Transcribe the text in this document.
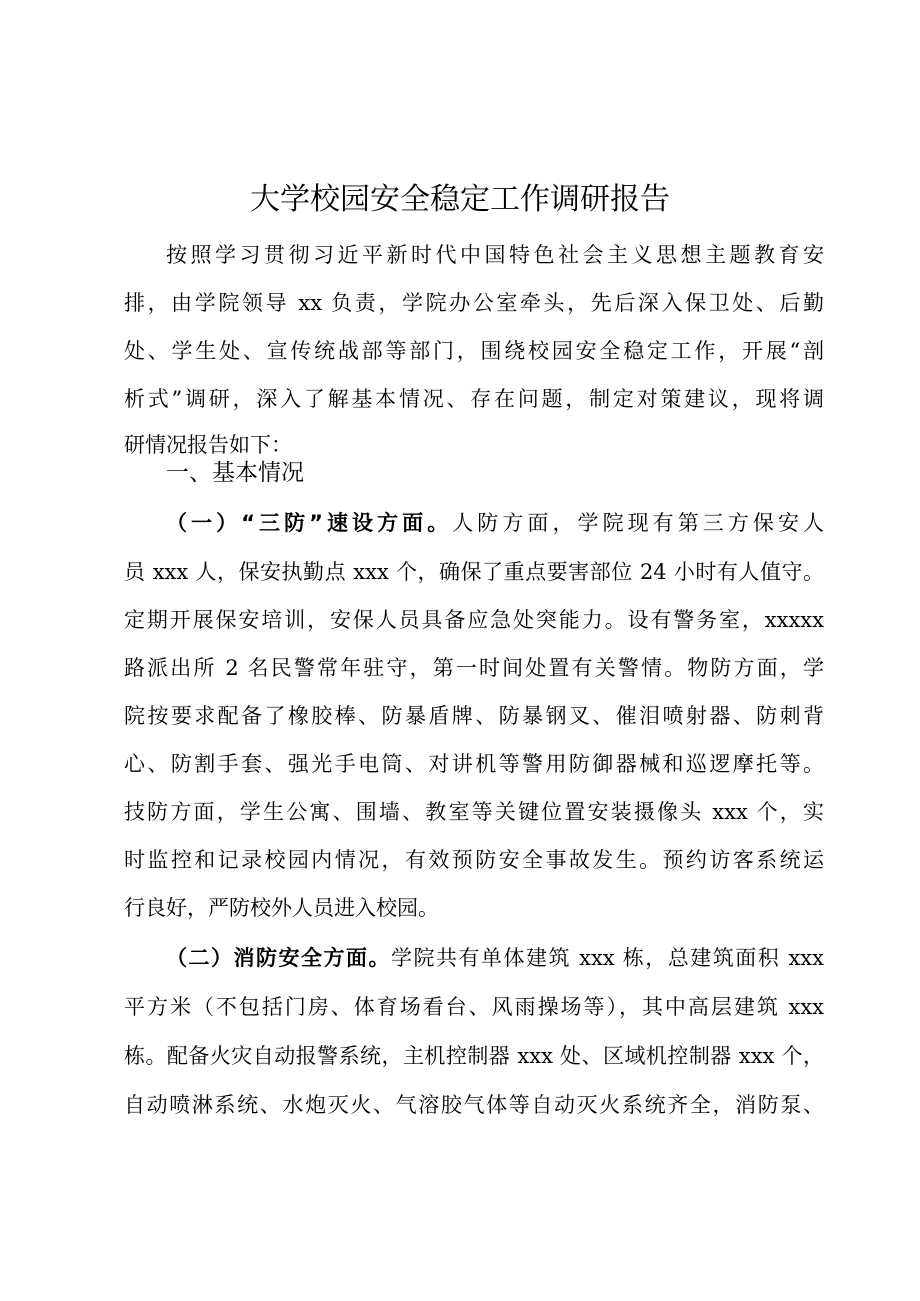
大学校园安全稳定工作调研报告
按照学习贯彻习近平新时代中国特色社会主义思想主题教育安
排，由学院领导 xx 负责，学院办公室牵头，先后深入保卫处、后勤
处、学生处、宣传统战部等部门，围绕校园安全稳定工作，开展“剖
析式”调研，深入了解基本情况、存在问题，制定对策建议，现将调
研情况报告如下：
一、基本情况
（一）“三防”速设方面。人防方面，学院现有第三方保安人
员 xxx 人，保安执勤点 xxx 个，确保了重点要害部位 24 小时有人值守。
定期开展保安培训，安保人员具备应急处突能力。设有警务室，xxxxx
路派出所 2 名民警常年驻守，第一时间处置有关警情。物防方面，学
院按要求配备了橡胶棒、防暴盾牌、防暴钢叉、催泪喷射器、防刺背
心、防割手套、强光手电筒、对讲机等警用防御器械和巡逻摩托等。
技防方面，学生公寓、围墙、教室等关键位置安装摄像头 xxx 个，实
时监控和记录校园内情况，有效预防安全事故发生。预约访客系统运
行良好，严防校外人员进入校园。
（二）消防安全方面。学院共有单体建筑 xxx 栋，总建筑面积 xxx
平方米（不包括门房、体育场看台、风雨操场等），其中高层建筑 xxx
栋。配备火灾自动报警系统，主机控制器 xxx 处、区域机控制器 xxx 个，
自动喷淋系统、水炮灭火、气溶胶气体等自动灭火系统齐全，消防泵、
